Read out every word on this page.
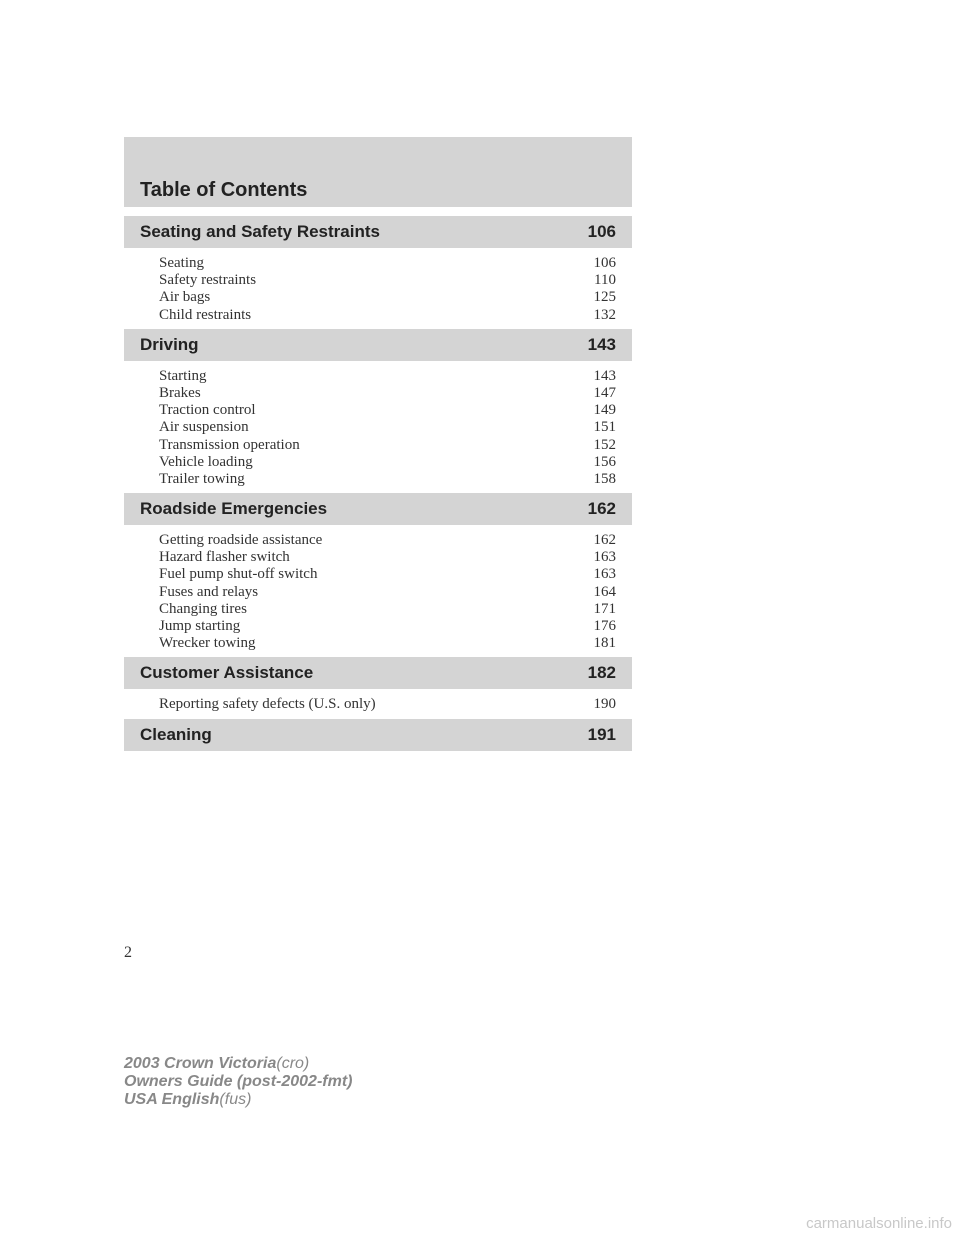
Table of Contents
Seating and Safety Restraints	106
Seating	106
Safety restraints	110
Air bags	125
Child restraints	132
Driving	143
Starting	143
Brakes	147
Traction control	149
Air suspension	151
Transmission operation	152
Vehicle loading	156
Trailer towing	158
Roadside Emergencies	162
Getting roadside assistance	162
Hazard flasher switch	163
Fuel pump shut-off switch	163
Fuses and relays	164
Changing tires	171
Jump starting	176
Wrecker towing	181
Customer Assistance	182
Reporting safety defects (U.S. only)	190
Cleaning	191
2
2003 Crown Victoria(cro)
Owners Guide (post-2002-fmt)
USA English(fus)
carmanualsonline.info
